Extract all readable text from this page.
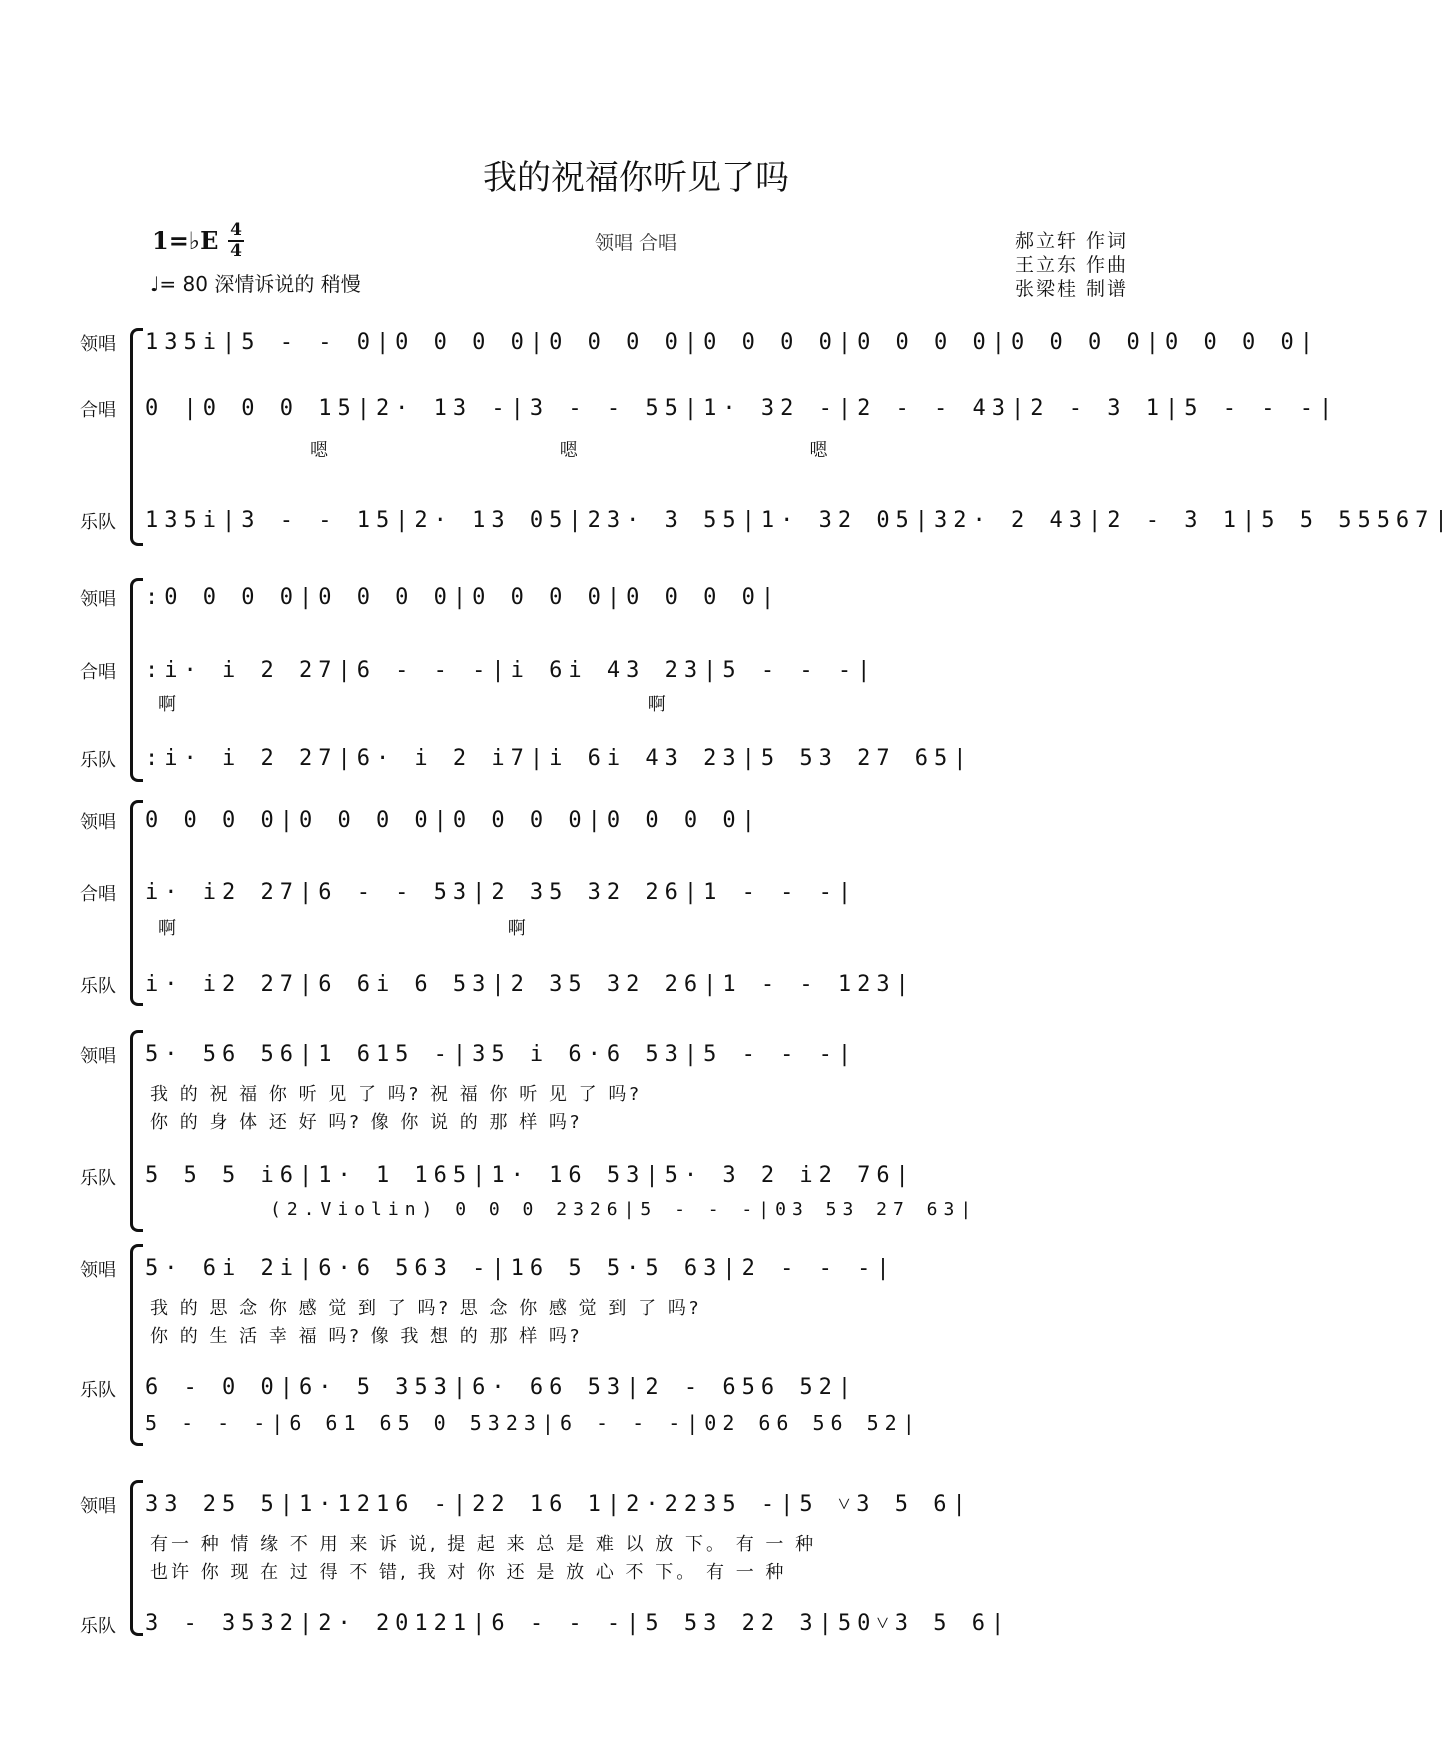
我的祝福你听见了吗
1=♭E 4
4
♩= 80 深情诉说的 稍慢
领唱 合唱	郝立轩 作词
王立东 作曲
张梁桂 制谱
领唱 135i|5 - - 0|0 0 0 0|0 0 0 0|0 0 0 0|0 0 0 0|0 0 0 0|0 0 0 0|
合唱 0 |0 0 0 15|2· 13 -|3 - - 55|1· 32 -|2 - - 43|2 - 3 1|5 - - -|
嗯 嗯 嗯
乐队 135i|3 - - 15|2· 13 05|23· 3 55|1· 32 05|32· 2 43|2 - 3 1|5 5 55567|
领唱 :0 0 0 0|0 0 0 0|0 0 0 0|0 0 0 0|
合唱 :i· i 2 27|6 - - -|i 6i 43 23|5 - - -|
啊 啊
乐队 :i· i 2 27|6· i 2 i7|i 6i 43 23|5 53 27 65|
领唱 0 0 0 0|0 0 0 0|0 0 0 0|0 0 0 0|
合唱 i· i2 27|6 - - 53|2 35 32 26|1 - - -|
啊 啊
乐队 i· i2 27|6 6i 6 53|2 35 32 26|1 - - 123|
领唱 5· 56 56|1 615 -|35 i 6·6 53|5 - - -|
我 的 祝 福 你 听 见 了 吗? 祝 福 你 听 见 了 吗?
你 的 身 体 还 好 吗? 像 你 说 的 那 样 吗?
乐队 5 5 5 i6|1· 1 165|1· 16 53|5· 3 2 i2 76|
(2.Violin) 0 0 0 2326|5 - - -|03 53 27 63|
领唱 5· 6i 2i|6·6 563 -|16 5 5·5 63|2 - - -|
我 的 思 念 你 感 觉 到 了 吗? 思 念 你 感 觉 到 了 吗?
你 的 生 活 幸 福 吗? 像 我 想 的 那 样 吗?
乐队 6 - 0 0|6· 5 353|6· 66 53|2 - 656 52|
5 - - -|6 61 65 0 5323|6 - - -|02 66 56 52|
领唱 33 25 5|1·1216 -|22 16 1|2·2235 -|5 ˅3 5 6|
有一 种 情 缘 不 用 来 诉 说, 提 起 来 总 是 难 以 放 下。 有 一 种
也许 你 现 在 过 得 不 错, 我 对 你 还 是 放 心 不 下。 有 一 种
乐队 3 - 3532|2· 20121|6 - - -|5 53 22 3|50˅3 5 6|
